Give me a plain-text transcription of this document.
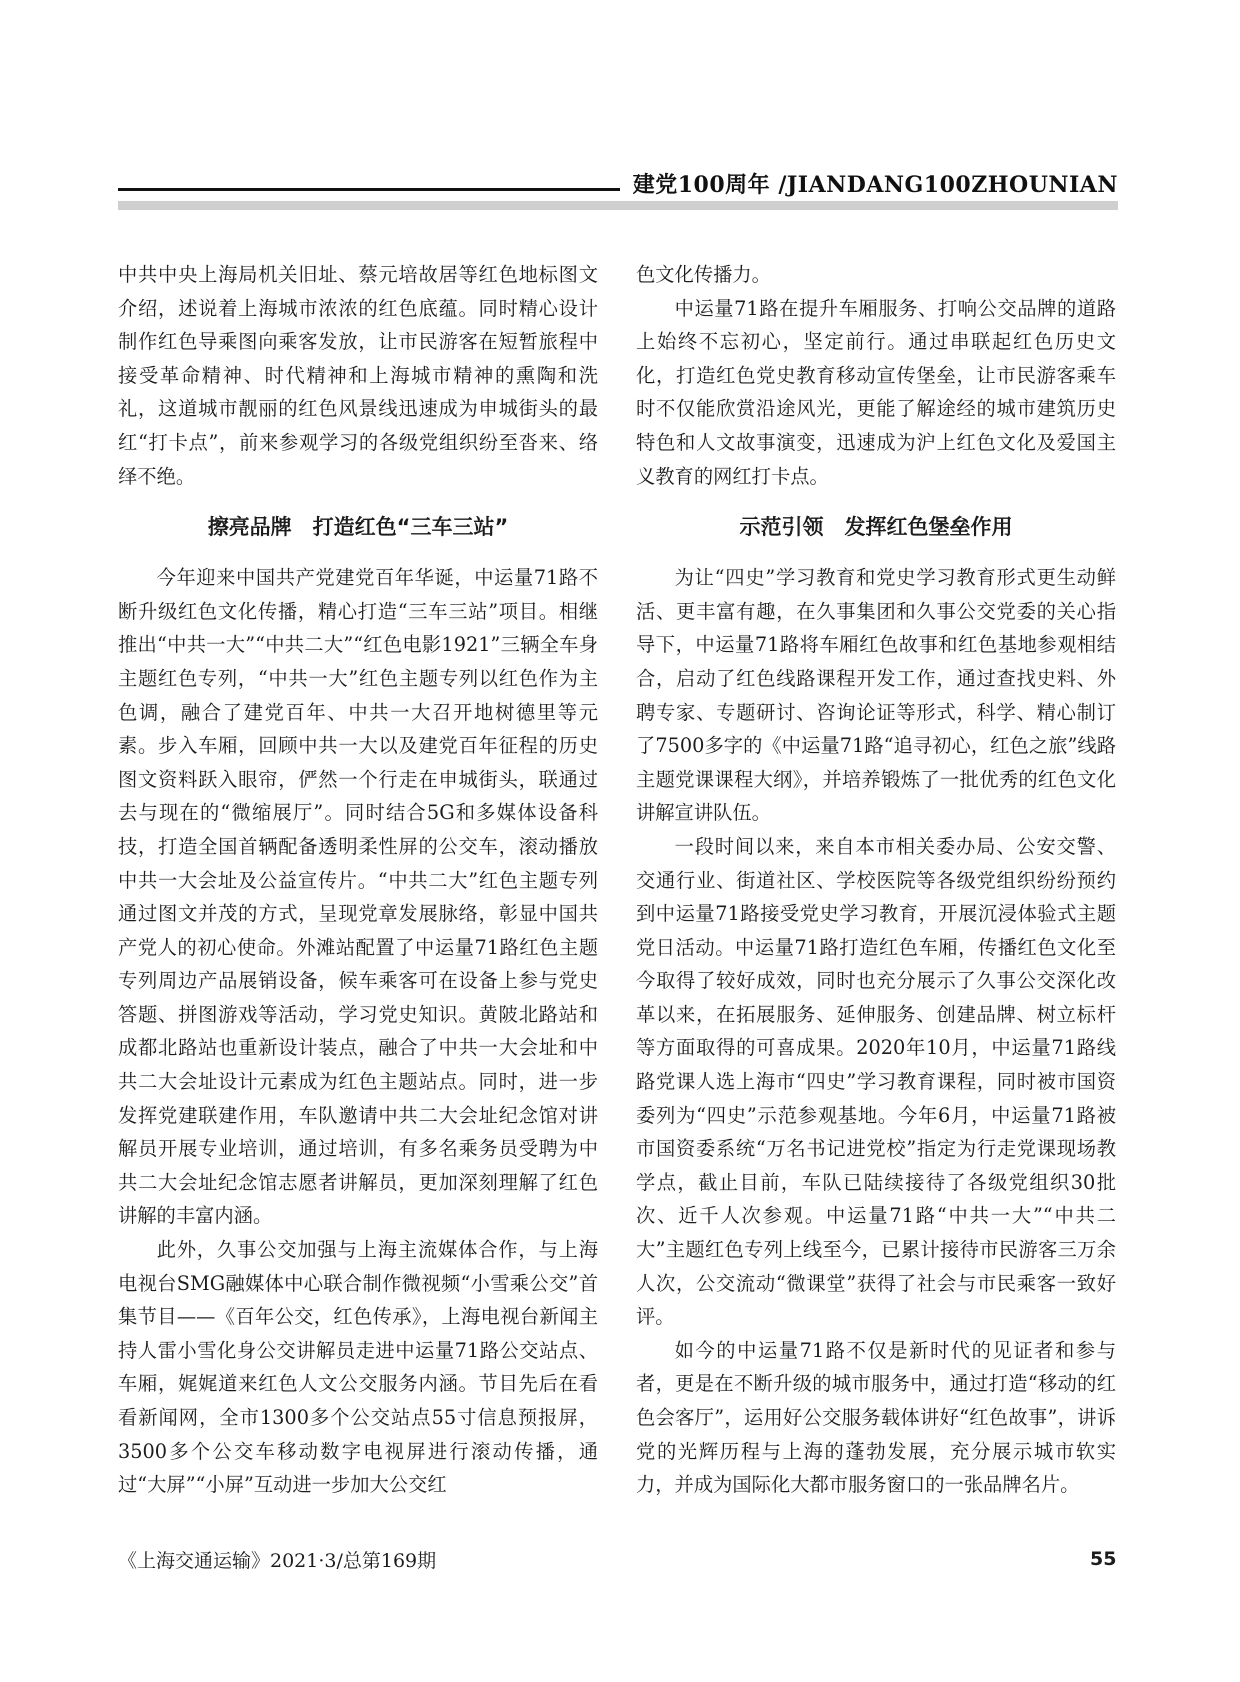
建党100周年 /JIANDANG100ZHOUNIAN

中共中央上海局机关旧址、蔡元培故居等红色地标图文介绍，述说着上海城市浓浓的红色底蕴。同时精心设计制作红色导乘图向乘客发放，让市民游客在短暂旅程中接受革命精神、时代精神和上海城市精神的熏陶和洗礼，这道城市靓丽的红色风景线迅速成为申城街头的最红“打卡点”，前来参观学习的各级党组织纷至沓来、络绎不绝。

擦亮品牌　打造红色“三车三站”

今年迎来中国共产党建党百年华诞，中运量71路不断升级红色文化传播，精心打造“三车三站”项目。相继推出“中共一大”“中共二大”“红色电影1921”三辆全车身主题红色专列，“中共一大”红色主题专列以红色作为主色调，融合了建党百年、中共一大召开地树德里等元素。步入车厢，回顾中共一大以及建党百年征程的历史图文资料跃入眼帘，俨然一个行走在申城街头，联通过去与现在的“微缩展厅”。同时结合5G和多媒体设备科技，打造全国首辆配备透明柔性屏的公交车，滚动播放中共一大会址及公益宣传片。“中共二大”红色主题专列通过图文并茂的方式，呈现党章发展脉络，彰显中国共产党人的初心使命。外滩站配置了中运量71路红色主题专列周边产品展销设备，候车乘客可在设备上参与党史答题、拼图游戏等活动，学习党史知识。黄陂北路站和成都北路站也重新设计装点，融合了中共一大会址和中共二大会址设计元素成为红色主题站点。同时，进一步发挥党建联建作用，车队邀请中共二大会址纪念馆对讲解员开展专业培训，通过培训，有多名乘务员受聘为中共二大会址纪念馆志愿者讲解员，更加深刻理解了红色讲解的丰富内涵。

此外，久事公交加强与上海主流媒体合作，与上海电视台SMG融媒体中心联合制作微视频“小雪乘公交”首集节目——《百年公交，红色传承》，上海电视台新闻主持人雷小雪化身公交讲解员走进中运量71路公交站点、车厢，娓娓道来红色人文公交服务内涵。节目先后在看看新闻网，全市1300多个公交站点55寸信息预报屏，3500多个公交车移动数字电视屏进行滚动传播，通过“大屏”“小屏”互动进一步加大公交红

色文化传播力。

中运量71路在提升车厢服务、打响公交品牌的道路上始终不忘初心，坚定前行。通过串联起红色历史文化，打造红色党史教育移动宣传堡垒，让市民游客乘车时不仅能欣赏沿途风光，更能了解途经的城市建筑历史特色和人文故事演变，迅速成为沪上红色文化及爱国主义教育的网红打卡点。

示范引领　发挥红色堡垒作用

为让“四史”学习教育和党史学习教育形式更生动鲜活、更丰富有趣，在久事集团和久事公交党委的关心指导下，中运量71路将车厢红色故事和红色基地参观相结合，启动了红色线路课程开发工作，通过查找史料、外聘专家、专题研讨、咨询论证等形式，科学、精心制订了7500多字的《中运量71路“追寻初心，红色之旅”线路主题党课课程大纲》，并培养锻炼了一批优秀的红色文化讲解宣讲队伍。

一段时间以来，来自本市相关委办局、公安交警、交通行业、街道社区、学校医院等各级党组织纷纷预约到中运量71路接受党史学习教育，开展沉浸体验式主题党日活动。中运量71路打造红色车厢，传播红色文化至今取得了较好成效，同时也充分展示了久事公交深化改革以来，在拓展服务、延伸服务、创建品牌、树立标杆等方面取得的可喜成果。2020年10月，中运量71路线路党课人选上海市“四史”学习教育课程，同时被市国资委列为“四史”示范参观基地。今年6月，中运量71路被市国资委系统“万名书记进党校”指定为行走党课现场教学点，截止目前，车队已陆续接待了各级党组织30批次、近千人次参观。中运量71路“中共一大”“中共二大”主题红色专列上线至今，已累计接待市民游客三万余人次，公交流动“微课堂”获得了社会与市民乘客一致好评。

如今的中运量71路不仅是新时代的见证者和参与者，更是在不断升级的城市服务中，通过打造“移动的红色会客厅”，运用好公交服务载体讲好“红色故事”，讲诉党的光辉历程与上海的蓬勃发展，充分展示城市软实力，并成为国际化大都市服务窗口的一张品牌名片。

《上海交通运输》2021·3/总第169期	55
